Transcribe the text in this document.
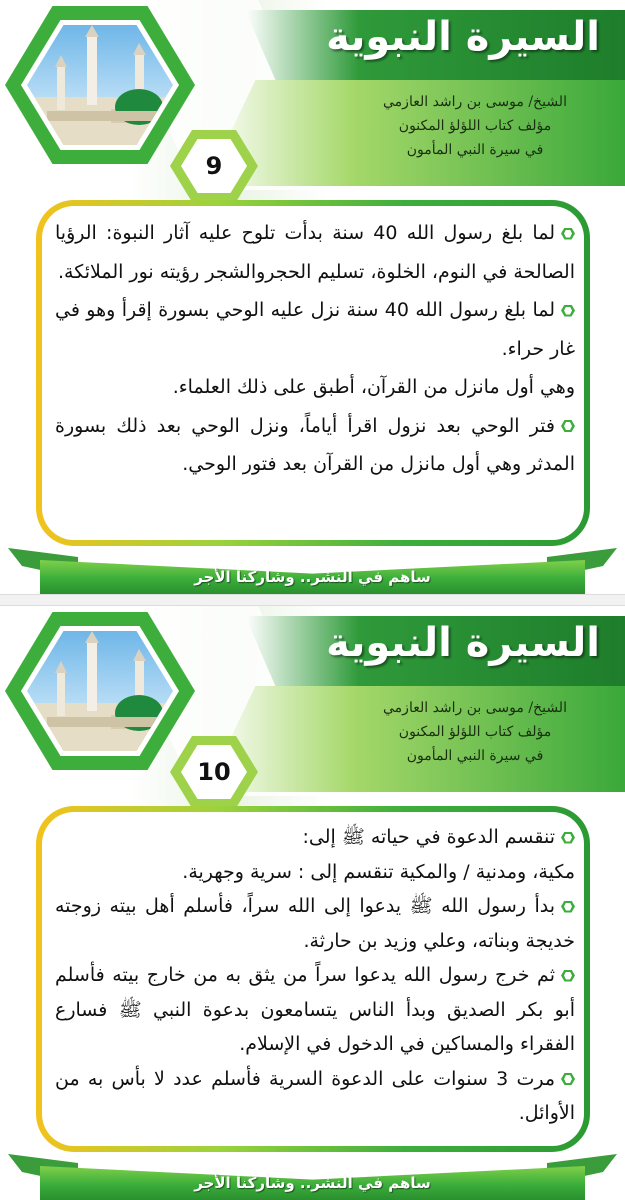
السيرة النبوية
الشيخ/ موسى بن راشد العازمي
مؤلف كتاب اللؤلؤ المكنون
في سيرة النبي المأمون
9

لما بلغ رسول الله 40 سنة بدأت تلوح عليه آثار النبوة: الرؤيا الصالحة في النوم، الخلوة، تسليم الحجروالشجر رؤيته نور الملائكة.

لما بلغ رسول الله 40 سنة نزل عليه الوحي بسورة إقرأ وهو في غار حراء.

وهي أول مانزل من القرآن، أطبق على ذلك العلماء.

فتر الوحي بعد نزول اقرأ أياماً، ونزل الوحي بعد ذلك بسورة المدثر وهي أول مانزل من القرآن بعد فتور الوحي.

ساهم في النشر.. وشاركنا الأجر
السيرة النبوية
الشيخ/ موسى بن راشد العازمي
مؤلف كتاب اللؤلؤ المكنون
في سيرة النبي المأمون
10

تنقسم الدعوة في حياته ﷺ إلى:

مكية، ومدنية / والمكية تنقسم إلى : سرية وجهرية.

بدأ رسول الله ﷺ يدعوا إلى الله سراً، فأسلم أهل بيته زوجته خديجة وبناته، وعلي وزيد بن حارثة.

ثم خرج رسول الله يدعوا سراً من يثق به من خارج بيته فأسلم أبو بكر الصديق وبدأ الناس يتسامعون بدعوة النبي ﷺ فسارع الفقراء والمساكين في الدخول في الإسلام.

مرت 3 سنوات على الدعوة السرية فأسلم عدد لا بأس به من الأوائل.

ساهم في النشر.. وشاركنا الأجر
